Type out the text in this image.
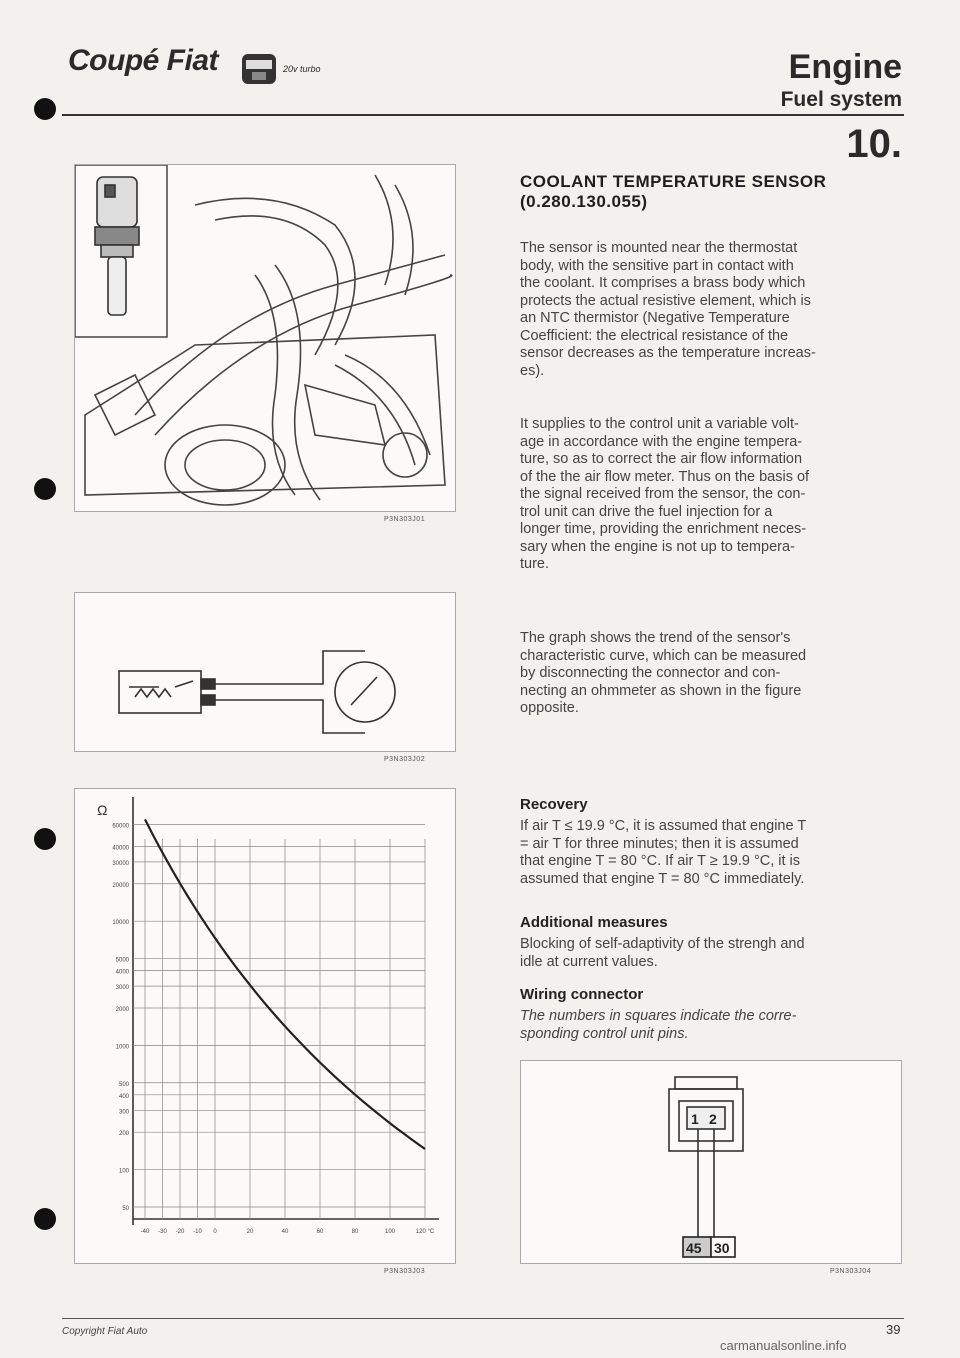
Coupé Fiat	20v turbo	Engine
Fuel system
10.
P3N303J01
P3N303J02
Ω
60000
40000
30000
20000
10000
5000
4000
3000
2000
1000
500
400
300
200
100
50
-40 -30 -20 -10 0	20	40	60	80	100	120 °C
P3N303J03
COOLANT TEMPERATURE SENSOR
(0.280.130.055)
The sensor is mounted near the thermostat
body, with the sensitive part in contact with
the coolant. It comprises a brass body which
protects the actual resistive element, which is
an NTC thermistor (Negative Temperature
Coefficient: the electrical resistance of the
sensor decreases as the temperature increas-
es).
It supplies to the control unit a variable volt-
age in accordance with the engine tempera-
ture, so as to correct the air flow information
of the the air flow meter. Thus on the basis of
the signal received from the sensor, the con-
trol unit can drive the fuel injection for a
longer time, providing the enrichment neces-
sary when the engine is not up to tempera-
ture.
The graph shows the trend of the sensor's
characteristic curve, which can be measured
by disconnecting the connector and con-
necting an ohmmeter as shown in the figure
opposite.
Recovery
If air T ≤ 19.9 °C, it is assumed that engine T
= air T for three minutes; then it is assumed
that engine T = 80 °C. If air T ≥ 19.9 °C, it is
assumed that engine T = 80 °C immediately.
Additional measures
Blocking of self-adaptivity of the strengh and
idle at current values.
Wiring connector
The numbers in squares indicate the corre-
sponding control unit pins.
1 2
45 30
P3N303J04
Copyright Fiat Auto	39
carmanualsonline.info
